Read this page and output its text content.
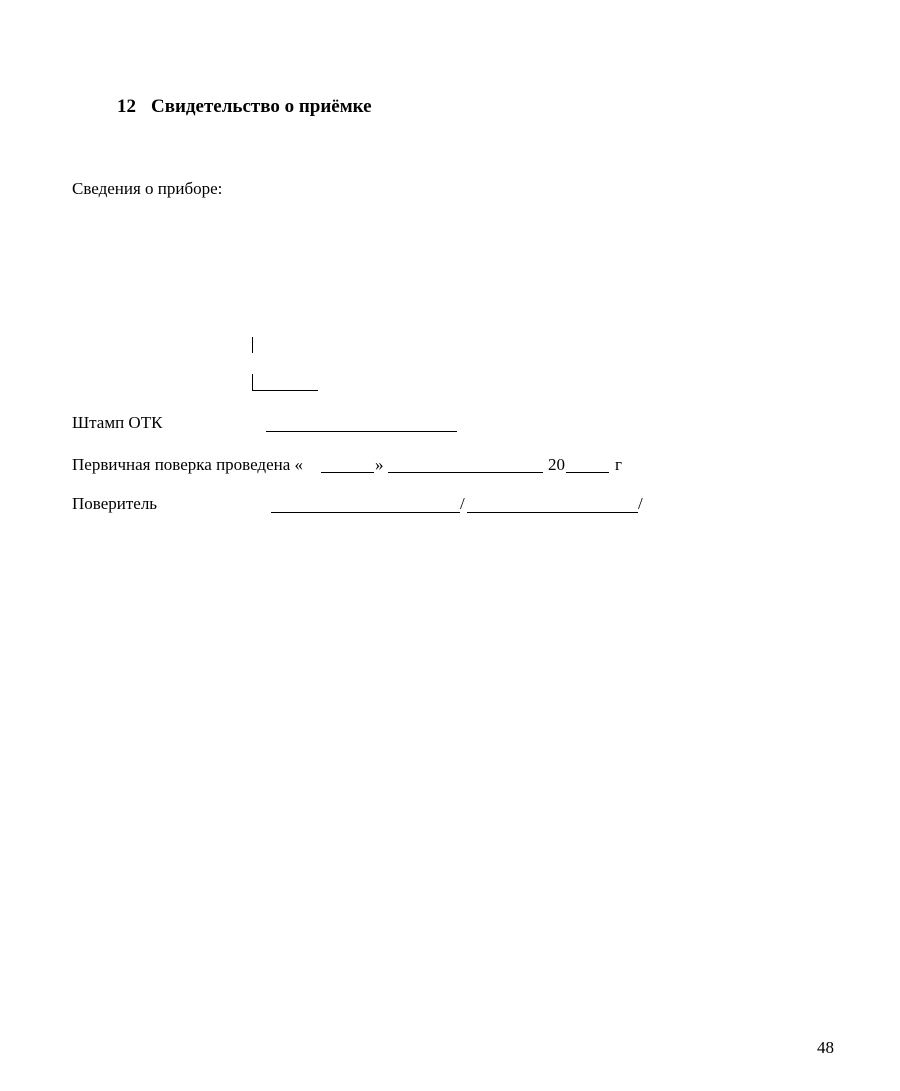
12 Свидетельство о приёмке
Сведения о приборе:
Штамп ОТК
Первичная поверка проведена «	»	20	г
Поверитель	/	/
48
